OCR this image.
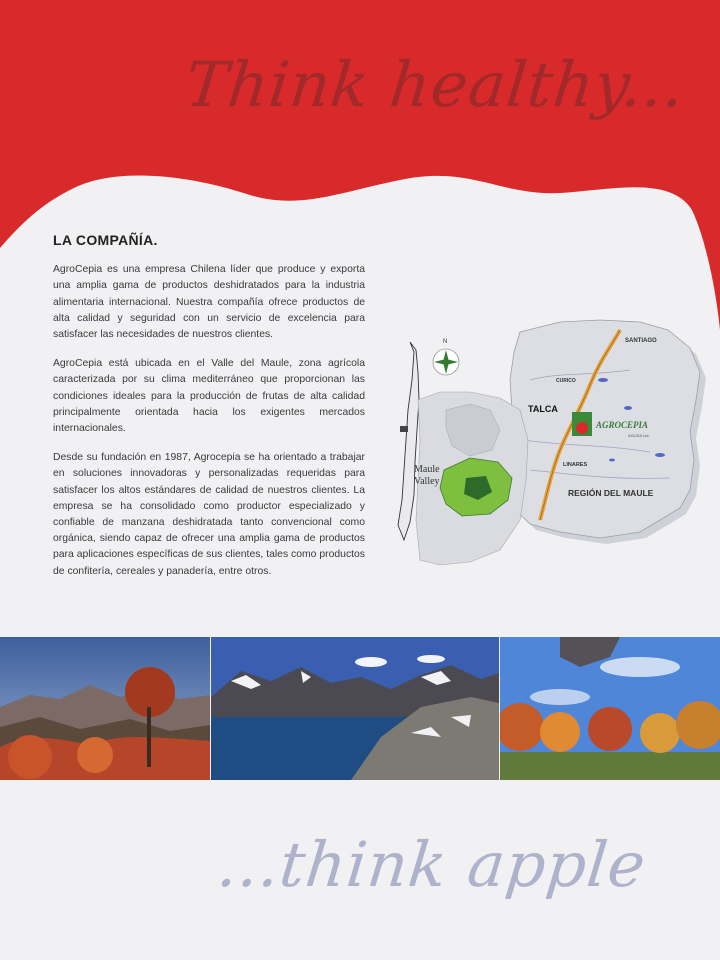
Think healthy...
LA COMPAÑÍA.

AgroCepia es una empresa Chilena líder que produce y exporta una amplia gama de productos deshidratados para la industria alimentaria internacional. Nuestra compañía ofrece productos de alta calidad y seguridad con un servicio de excelencia para satisfacer las necesidades de nuestros clientes.

AgroCepia está ubicada en el Valle del Maule, zona agrícola caracterizada por su clima mediterráneo que proporcionan las condiciones ideales para la producción de frutas de alta calidad principalmente orientada hacia los exigentes mercados internacionales.

Desde su fundación en 1987, Agrocepia se ha orientado a trabajar en soluciones innovadoras y personalizadas requeridas para satisfacer los altos estándares de calidad de nuestros clientes. La empresa se ha consolidado como productor especializado y confiable de manzana deshidratada tanto convencional como orgánica, siendo capaz de ofrecer una amplia gama de productos para aplicaciones específicas de sus clientes, tales como productos de confitería, cereales y panadería, entre otros.

SANTIAGO
CURICO
TALCA
LINARES
REGIÓN DEL MAULE
AGROCEPIA
AGUSA Ltd.
N
Maule
Valley
...think apple
